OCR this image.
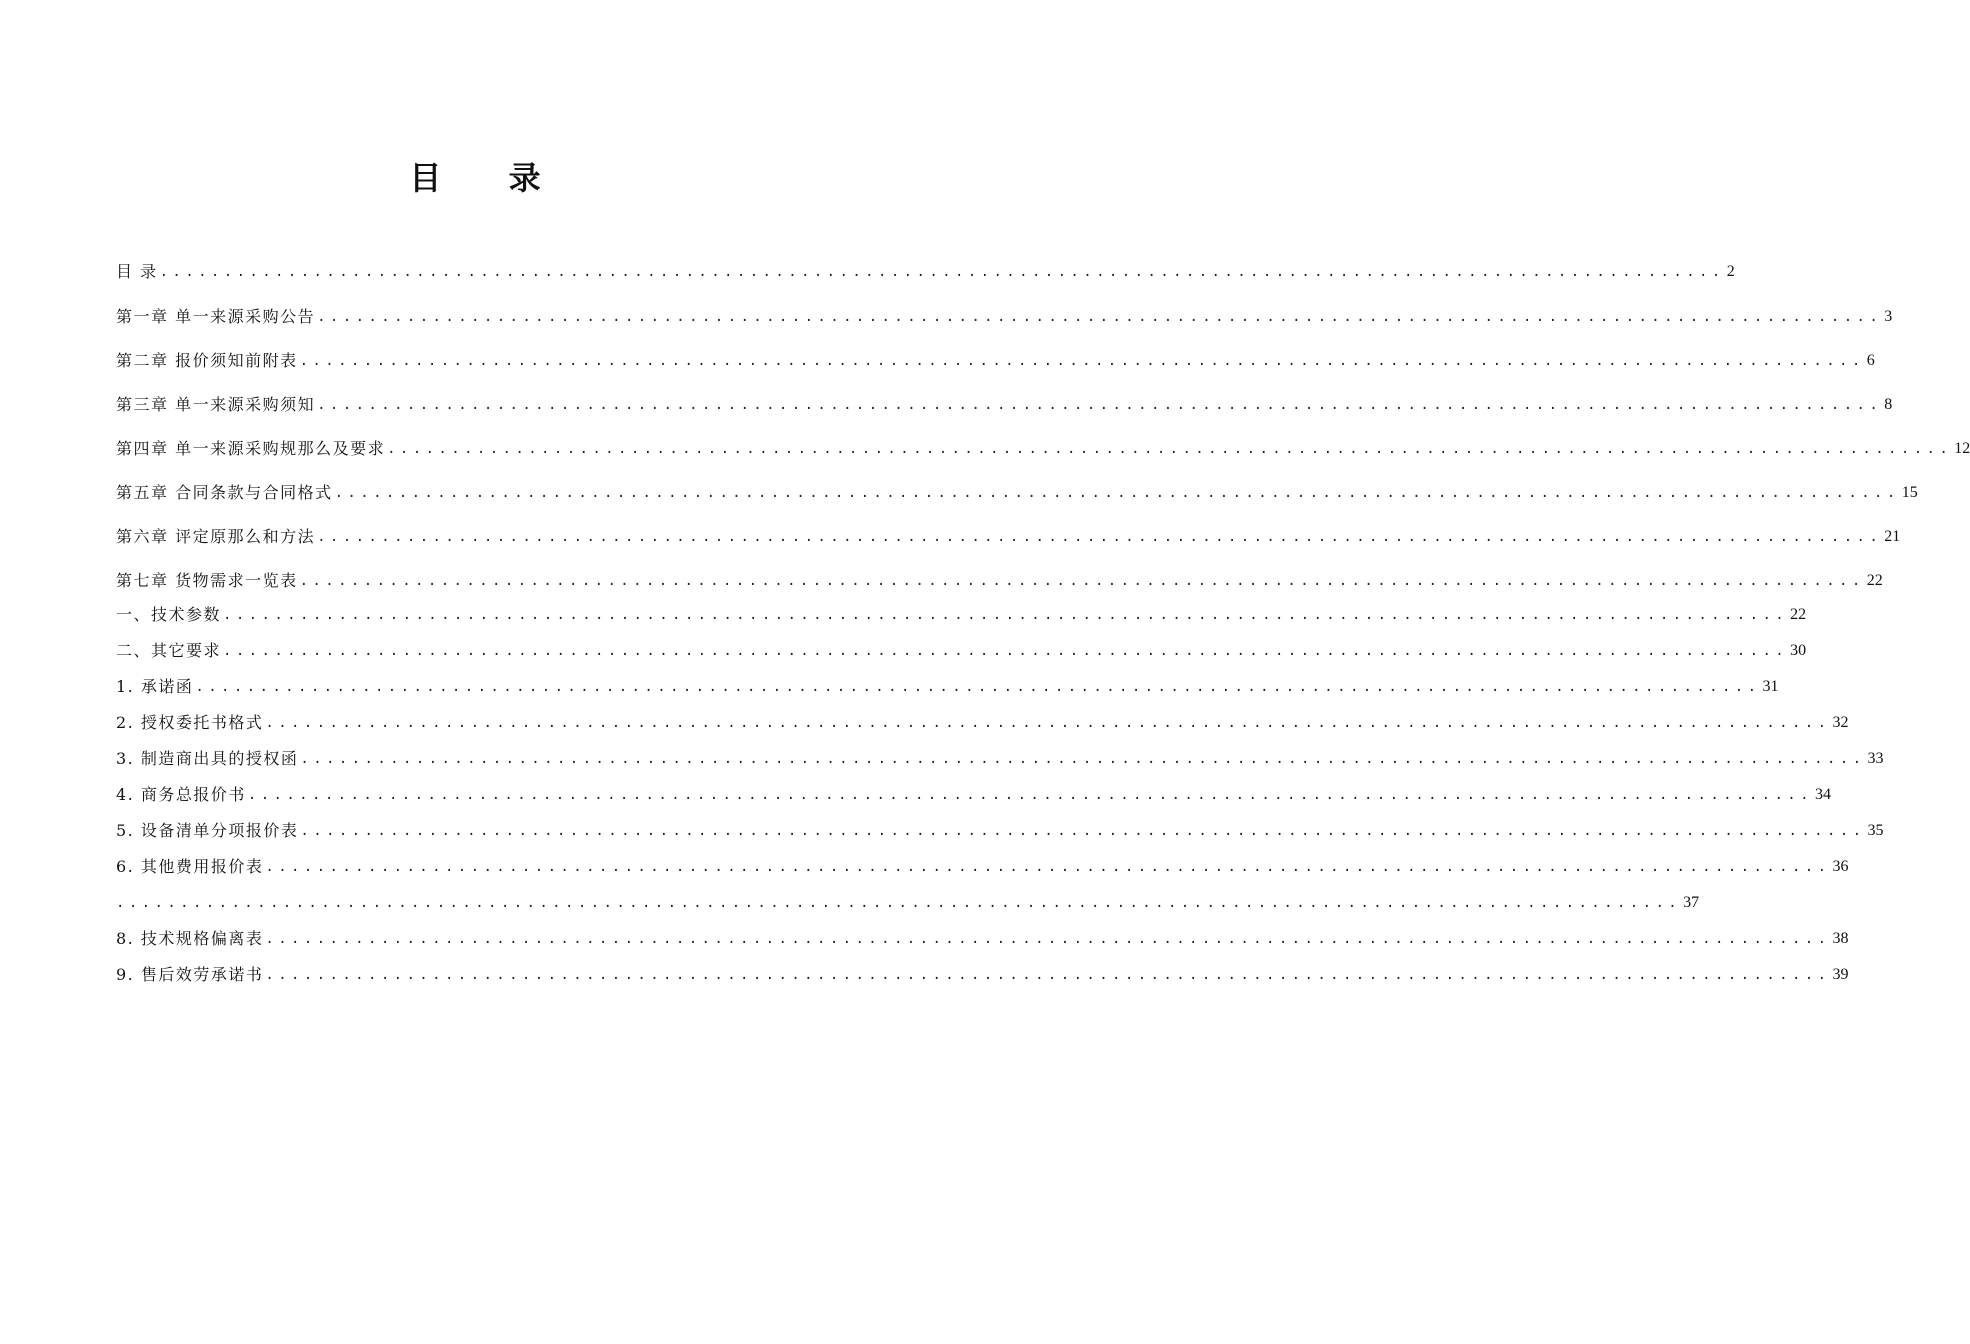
目 录
目 录 .......................................................................................................................... 2
第一章 单一来源采购公告 .......................................................................................................................... 3
第二章 报价须知前附表 .......................................................................................................................... 6
第三章 单一来源采购须知 .......................................................................................................................... 8
第四章 单一来源采购规那么及要求 .......................................................................................................................... 12
第五章 合同条款与合同格式 .......................................................................................................................... 15
第六章 评定原那么和方法 .......................................................................................................................... 21
第七章 货物需求一览表 .......................................................................................................................... 22
一、技术参数 .......................................................................................................................... 22
二、其它要求 .......................................................................................................................... 30
1. 承诺函 .......................................................................................................................... 31
2. 授权委托书格式 .......................................................................................................................... 32
3. 制造商出具的授权函 .......................................................................................................................... 33
4. 商务总报价书 .......................................................................................................................... 34
5. 设备清单分项报价表 .......................................................................................................................... 35
6. 其他费用报价表 .......................................................................................................................... 36
.......................................................................................................................... 37
8. 技术规格偏离表 .......................................................................................................................... 38
9. 售后效劳承诺书 .......................................................................................................................... 39
